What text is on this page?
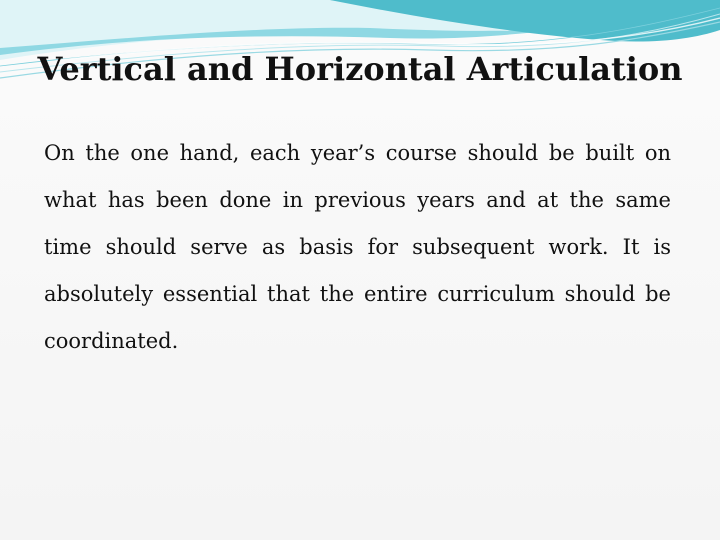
Vertical and Horizontal Articulation

On the one hand, each year’s course should be built on what has been done in previous years and at the same time should serve as basis for subsequent work. It is absolutely essential that the entire curriculum should be coordinated.
